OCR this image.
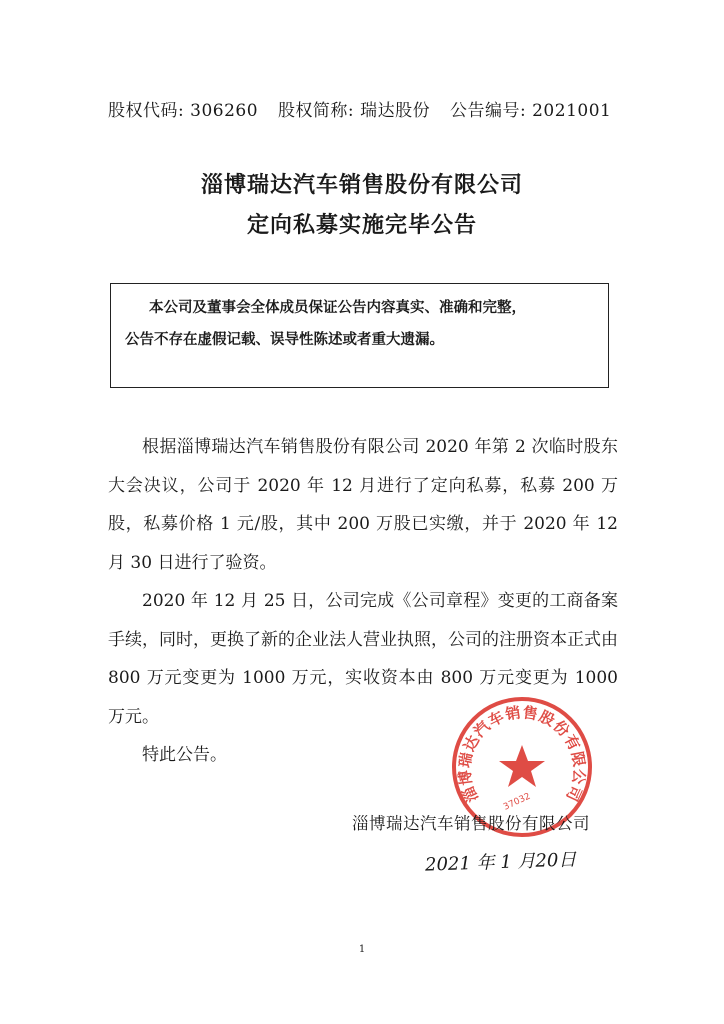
股权代码: 306260 股权简称: 瑞达股份 公告编号: 2021001
淄博瑞达汽车销售股份有限公司
定向私募实施完毕公告
本公司及董事会全体成员保证公告内容真实、准确和完整，
公告不存在虚假记载、误导性陈述或者重大遗漏。

根据淄博瑞达汽车销售股份有限公司 2020 年第 2 次临时股东大会决议，公司于 2020 年 12 月进行了定向私募，私募 200 万股，私募价格 1 元/股，其中 200 万股已实缴，并于 2020 年 12 月 30 日进行了验资。

2020 年 12 月 25 日，公司完成《公司章程》变更的工商备案手续，同时，更换了新的企业法人营业执照，公司的注册资本正式由 800 万元变更为 1000 万元，实收资本由 800 万元变更为 1000 万元。

特此公告。

淄博瑞达汽车销售股份有限公司
37032
淄博瑞达汽车销售股份有限公司
2021 年 1 月20日
1
